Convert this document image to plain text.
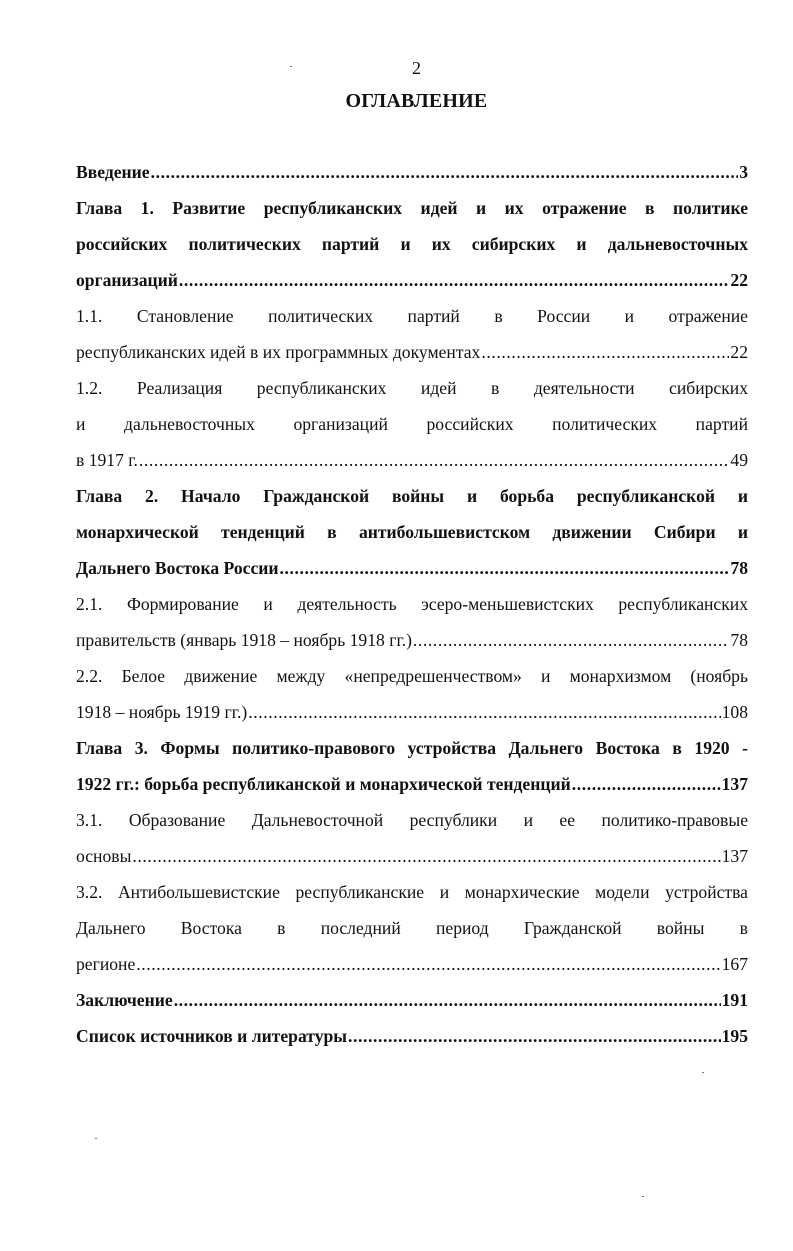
2
ОГЛАВЛЕНИЕ
Введение .....	3
Глава 1. Развитие республиканских идей и их отражение в политике
российских политических партий и их сибирских и дальневосточных
организаций .....	22
1.1. Становление политических партий в России и отражение
республиканских идей в их программных документах .....	22
1.2. Реализация республиканских идей в деятельности сибирских
и дальневосточных организаций российских политических партий
в 1917 г. .....	49
Глава 2. Начало Гражданской войны и борьба республиканской и
монархической тенденций в антибольшевистском движении Сибири и
Дальнего Востока России .....	78
2.1. Формирование и деятельность эсеро-меньшевистских республиканских
правительств (январь 1918 – ноябрь 1918 гг.) .....	78
2.2. Белое движение между «непредрешенчеством» и монархизмом (ноябрь
1918 – ноябрь 1919 гг.) .....	108
Глава 3. Формы политико-правового устройства Дальнего Востока в 1920 -
1922 гг.: борьба республиканской и монархической тенденций .....	137
3.1. Образование Дальневосточной республики и ее политико-правовые
основы .....	137
3.2. Антибольшевистские республиканские и монархические модели устройства
Дальнего Востока в последний период Гражданской войны в
регионе .....	167
Заключение .....	191
Список источников и литературы .....	195
